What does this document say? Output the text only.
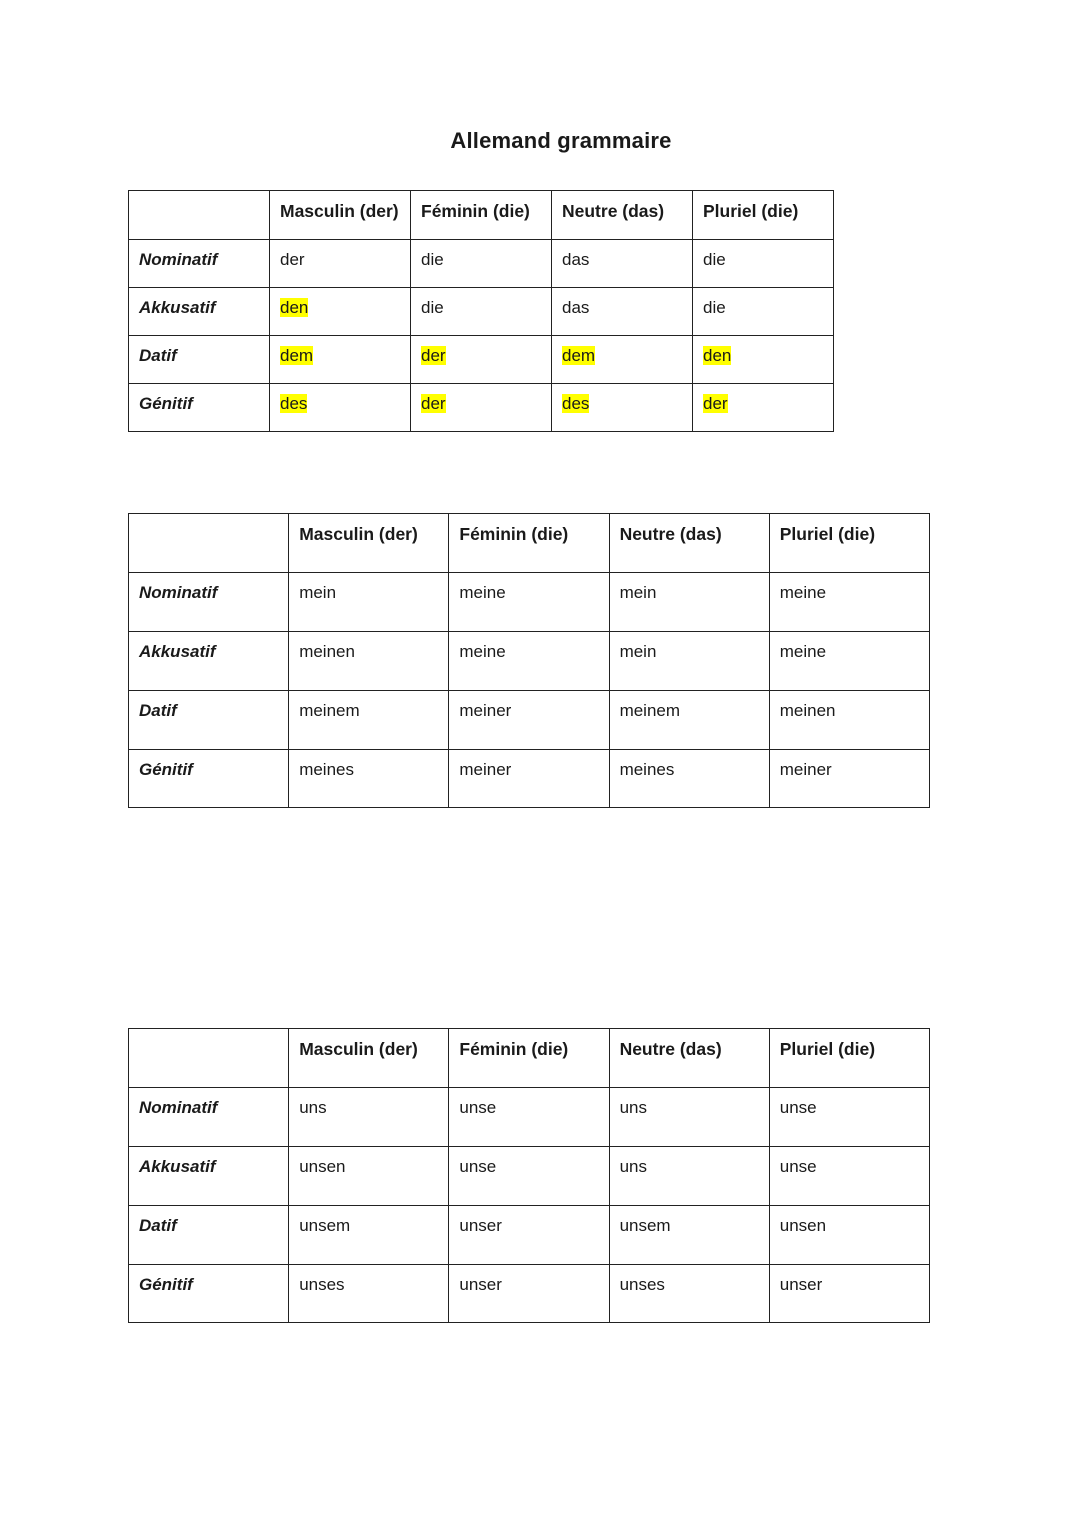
Allemand grammaire
	Masculin (der)	Féminin (die)	Neutre (das)	Pluriel (die)
Nominatif	der	die	das	die
Akkusatif	den	die	das	die
Datif	dem	der	dem	den
Génitif	des	der	des	der
	Masculin (der)	Féminin (die)	Neutre (das)	Pluriel (die)
Nominatif	mein	meine	mein	meine
Akkusatif	meinen	meine	mein	meine
Datif	meinem	meiner	meinem	meinen
Génitif	meines	meiner	meines	meiner
	Masculin (der)	Féminin (die)	Neutre (das)	Pluriel (die)
Nominatif	uns	unse	uns	unse
Akkusatif	unsen	unse	uns	unse
Datif	unsem	unser	unsem	unsen
Génitif	unses	unser	unses	unser
